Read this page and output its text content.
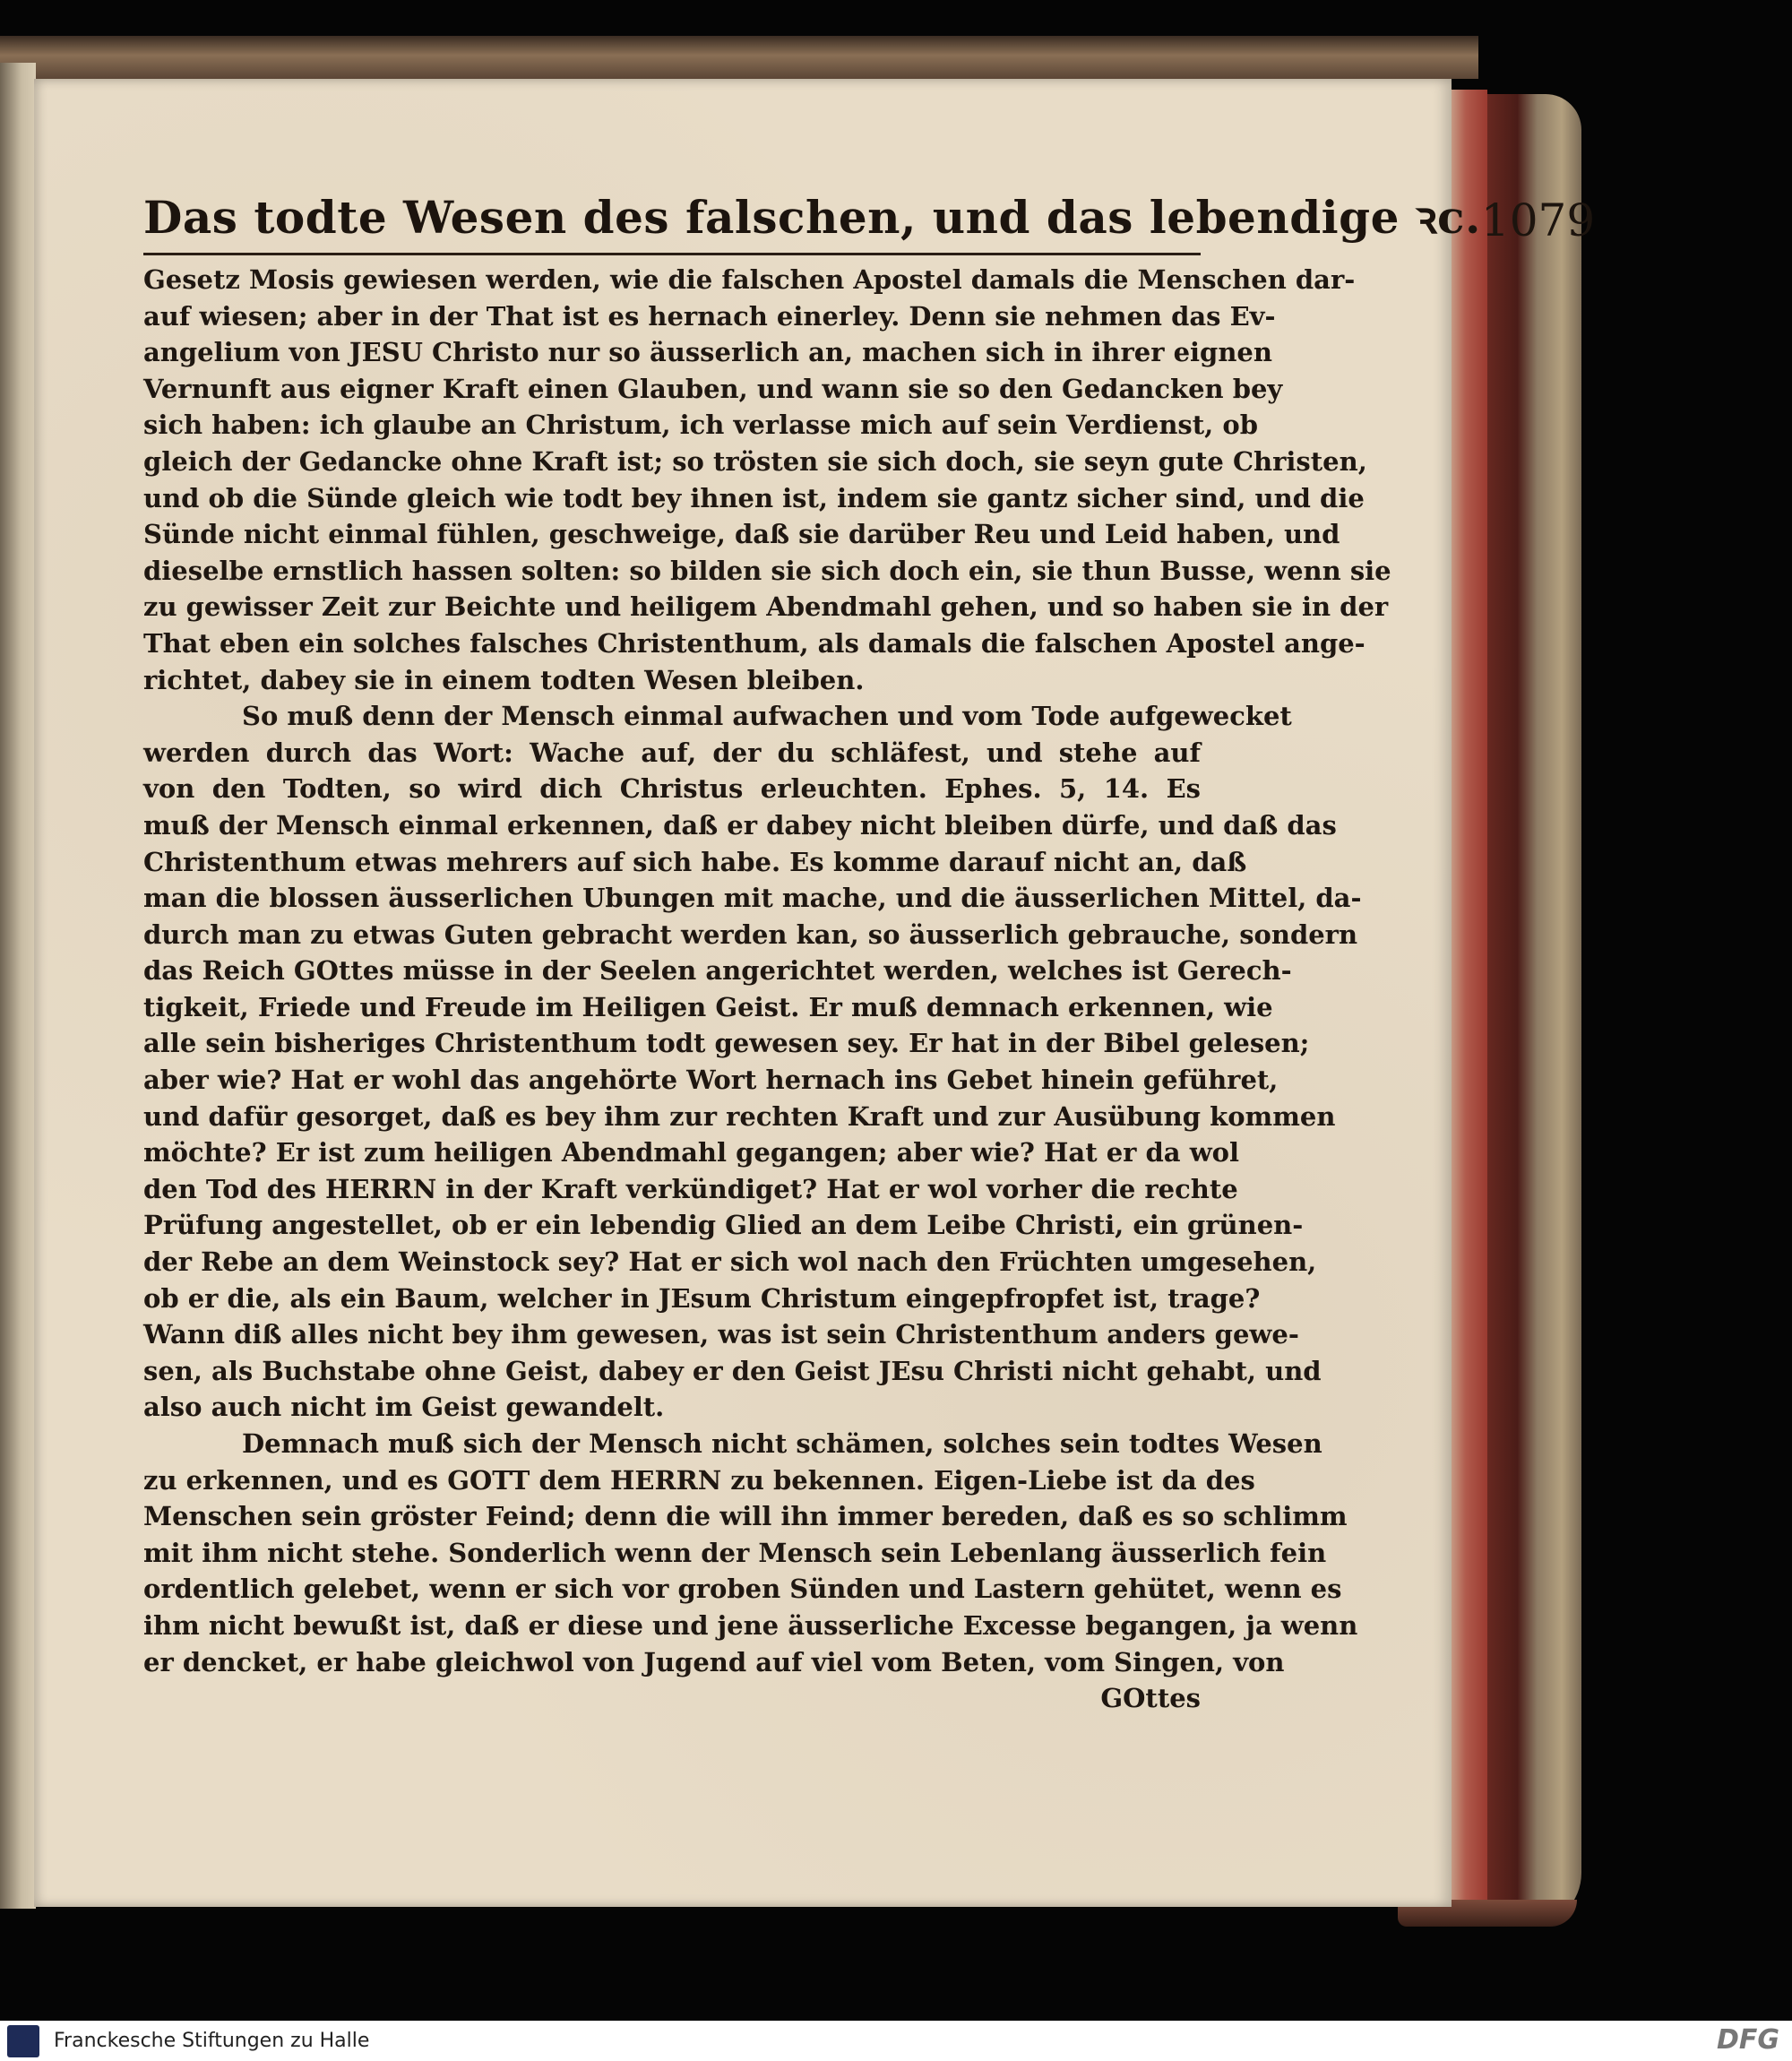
Das todte Wesen des falschen, und das lebendige ꝛc. 1079
Gesetz Mosis gewiesen werden, wie die falschen Apostel damals die Menschen dar-
auf wiesen; aber in der That ist es hernach einerley. Denn sie nehmen das Ev-
angelium von JESU Christo nur so äusserlich an, machen sich in ihrer eignen
Vernunft aus eigner Kraft einen Glauben, und wann sie so den Gedancken bey
sich haben: ich glaube an Christum, ich verlasse mich auf sein Verdienst, ob
gleich der Gedancke ohne Kraft ist; so trösten sie sich doch, sie seyn gute Christen,
und ob die Sünde gleich wie todt bey ihnen ist, indem sie gantz sicher sind, und die
Sünde nicht einmal fühlen, geschweige, daß sie darüber Reu und Leid haben, und
dieselbe ernstlich hassen solten: so bilden sie sich doch ein, sie thun Busse, wenn sie
zu gewisser Zeit zur Beichte und heiligem Abendmahl gehen, und so haben sie in der
That eben ein solches falsches Christenthum, als damals die falschen Apostel ange-
richtet, dabey sie in einem todten Wesen bleiben.
So muß denn der Mensch einmal aufwachen und vom Tode aufgewecket
werden durch das Wort: Wache auf, der du schläfest, und stehe auf
von den Todten, so wird dich Christus erleuchten. Ephes. 5, 14. Es
muß der Mensch einmal erkennen, daß er dabey nicht bleiben dürfe, und daß das
Christenthum etwas mehrers auf sich habe. Es komme darauf nicht an, daß
man die blossen äusserlichen Ubungen mit mache, und die äusserlichen Mittel, da-
durch man zu etwas Guten gebracht werden kan, so äusserlich gebrauche, sondern
das Reich GOttes müsse in der Seelen angerichtet werden, welches ist Gerech-
tigkeit, Friede und Freude im Heiligen Geist. Er muß demnach erkennen, wie
alle sein bisheriges Christenthum todt gewesen sey. Er hat in der Bibel gelesen;
aber wie? Hat er wohl das angehörte Wort hernach ins Gebet hinein geführet,
und dafür gesorget, daß es bey ihm zur rechten Kraft und zur Ausübung kommen
möchte? Er ist zum heiligen Abendmahl gegangen; aber wie? Hat er da wol
den Tod des HERRN in der Kraft verkündiget? Hat er wol vorher die rechte
Prüfung angestellet, ob er ein lebendig Glied an dem Leibe Christi, ein grünen-
der Rebe an dem Weinstock sey? Hat er sich wol nach den Früchten umgesehen,
ob er die, als ein Baum, welcher in JEsum Christum eingepfropfet ist, trage?
Wann diß alles nicht bey ihm gewesen, was ist sein Christenthum anders gewe-
sen, als Buchstabe ohne Geist, dabey er den Geist JEsu Christi nicht gehabt, und
also auch nicht im Geist gewandelt.
Demnach muß sich der Mensch nicht schämen, solches sein todtes Wesen
zu erkennen, und es GOTT dem HERRN zu bekennen. Eigen-Liebe ist da des
Menschen sein gröster Feind; denn die will ihn immer bereden, daß es so schlimm
mit ihm nicht stehe. Sonderlich wenn der Mensch sein Lebenlang äusserlich fein
ordentlich gelebet, wenn er sich vor groben Sünden und Lastern gehütet, wenn es
ihm nicht bewußt ist, daß er diese und jene äusserliche Excesse begangen, ja wenn
er dencket, er habe gleichwol von Jugend auf viel vom Beten, vom Singen, von
GOttes
Franckesche Stiftungen zu Halle	DFG
